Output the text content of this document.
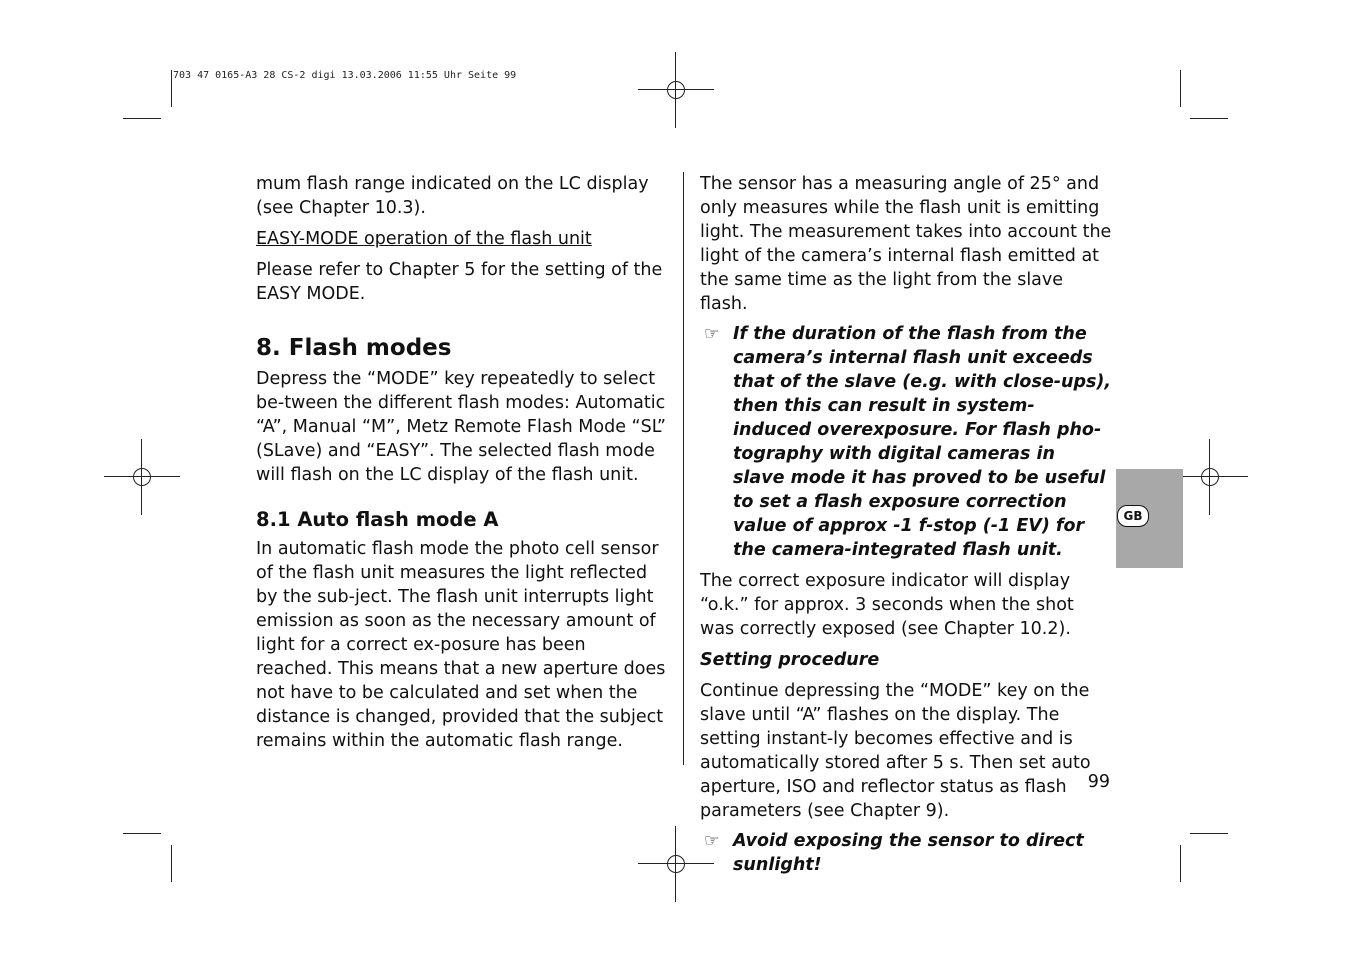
703 47 0165-A3 28 CS-2 digi 13.03.2006 11:55 Uhr Seite 99
GB

mum flash range indicated on the LC display (see Chapter 10.3).

EASY-MODE operation of the flash unit

Please refer to Chapter 5 for the setting of the EASY MODE.

8. Flash modes

Depress the “MODE” key repeatedly to select be-tween the different flash modes: Automatic “A”, Manual “M”, Metz Remote Flash Mode “SL” (SLave) and “EASY”. The selected flash mode will flash on the LC display of the flash unit.

8.1 Auto flash mode A

In automatic flash mode the photo cell sensor of the flash unit measures the light reflected by the sub-ject. The flash unit interrupts light emission as soon as the necessary amount of light for a correct ex-posure has been reached. This means that a new aperture does not have to be calculated and set when the distance is changed, provided that the subject remains within the automatic flash range.

The sensor has a measuring angle of 25° and only measures while the flash unit is emitting light. The measurement takes into account the light of the camera’s internal flash emitted at the same time as the light from the slave flash.

☞ If the duration of the flash from the camera’s internal flash unit exceeds that of the slave (e.g. with close-ups), then this can result in system-induced overexposure. For flash pho-tography with digital cameras in slave mode it has proved to be useful to set a flash exposure correction value of approx -1 f-stop (-1 EV) for the camera-integrated flash unit.

The correct exposure indicator will display “o.k.” for approx. 3 seconds when the shot was correctly exposed (see Chapter 10.2).

Setting procedure

Continue depressing the “MODE” key on the slave until “A” flashes on the display. The setting instant-ly becomes effective and is automatically stored after 5 s. Then set auto aperture, ISO and reflector status as flash parameters (see Chapter 9).

☞ Avoid exposing the sensor to direct sunlight!

99
